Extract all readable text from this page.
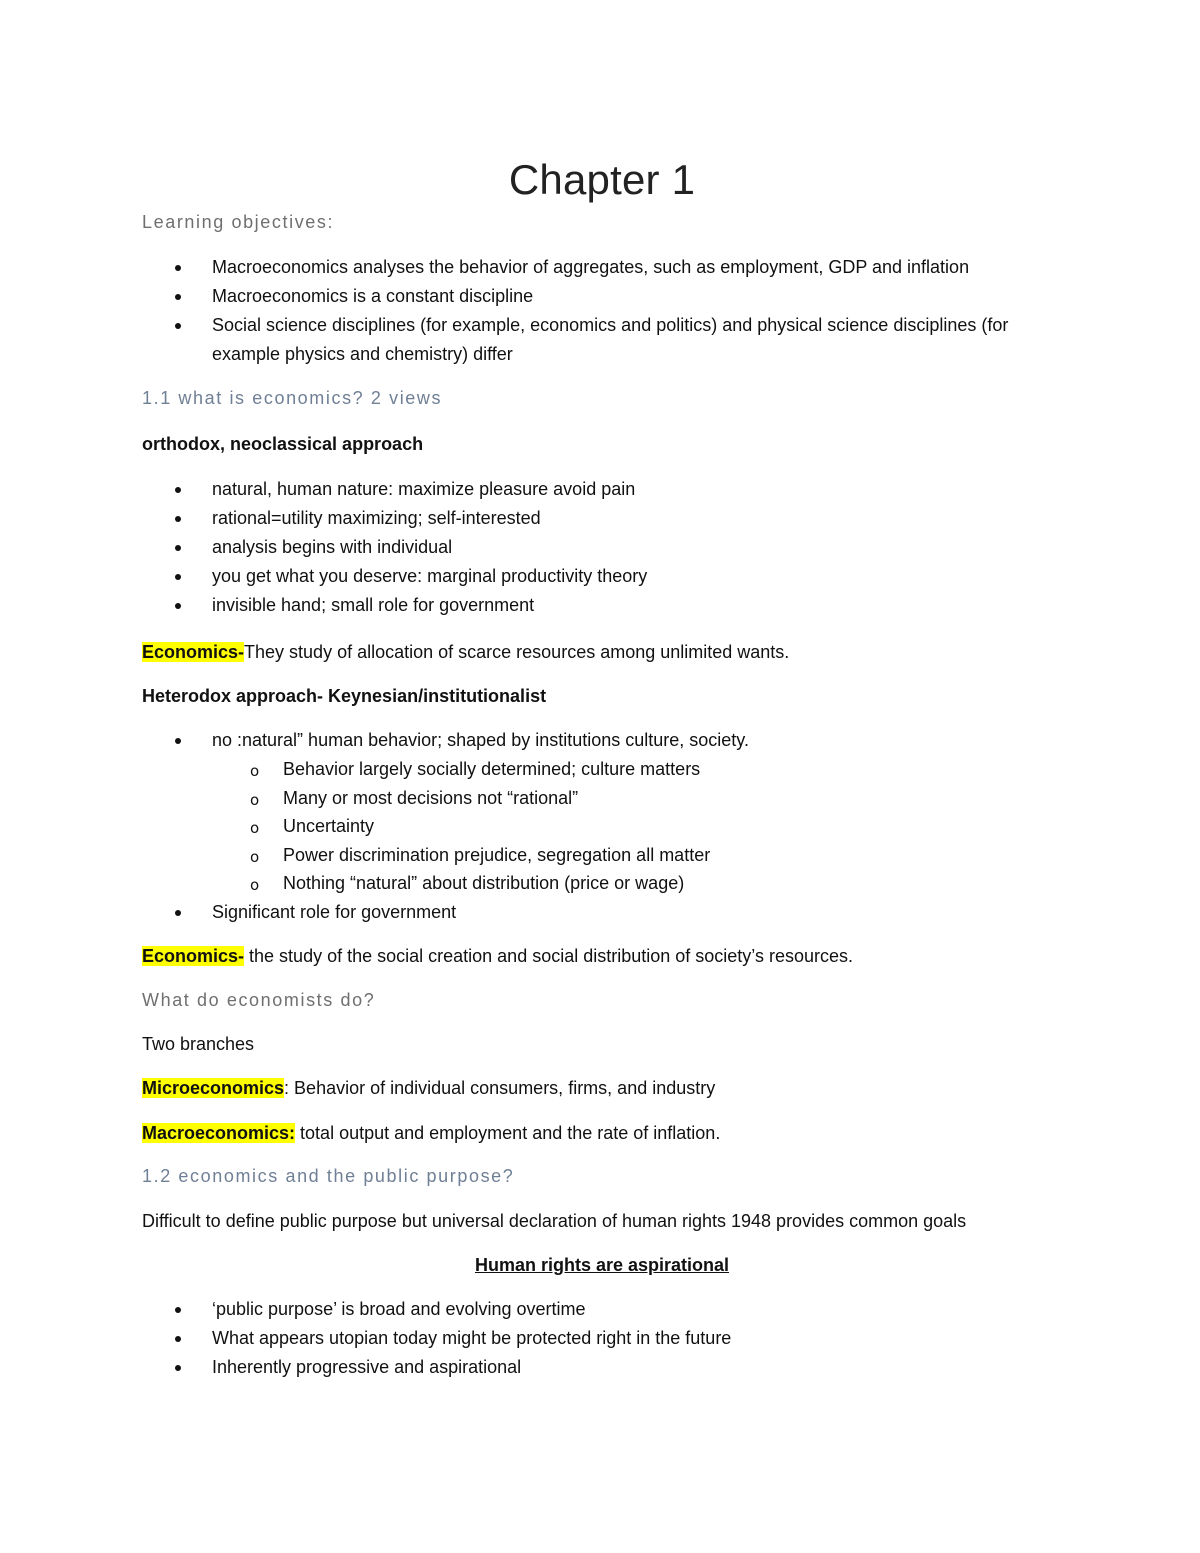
Chapter 1
Learning objectives:
Macroeconomics analyses the behavior of aggregates, such as employment, GDP and inflation
Macroeconomics is a constant discipline
Social science disciplines (for example, economics and politics) and physical science disciplines (for example physics and chemistry) differ
1.1 what is economics? 2 views
orthodox, neoclassical approach
natural, human nature: maximize pleasure avoid pain
rational=utility maximizing; self-interested
analysis begins with individual
you get what you deserve: marginal productivity theory
invisible hand; small role for government
Economics-They study of allocation of scarce resources among unlimited wants.
Heterodox approach- Keynesian/institutionalist
no :natural” human behavior; shaped by institutions culture, society.
o Behavior largely socially determined; culture matters
o Many or most decisions not “rational”
o Uncertainty
o Power discrimination prejudice, segregation all matter
o Nothing “natural” about distribution (price or wage)
Significant role for government
Economics- the study of the social creation and social distribution of society’s resources.
What do economists do?
Two branches
Microeconomics: Behavior of individual consumers, firms, and industry
Macroeconomics: total output and employment and the rate of inflation.
1.2 economics and the public purpose?
Difficult to define public purpose but universal declaration of human rights 1948 provides common goals
Human rights are aspirational
‘public purpose’ is broad and evolving overtime
What appears utopian today might be protected right in the future
Inherently progressive and aspirational
